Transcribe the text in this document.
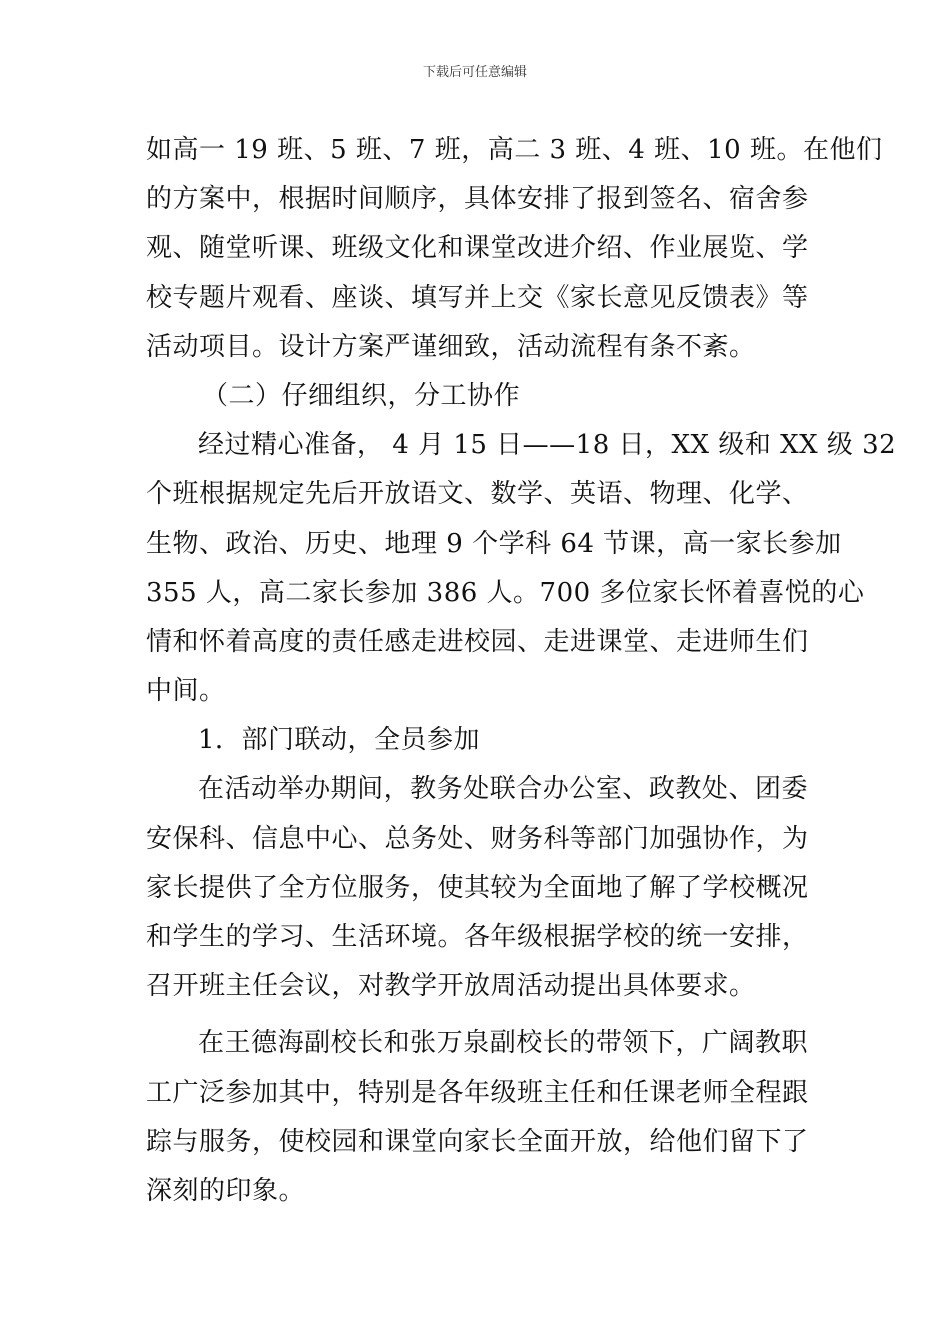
下载后可任意编辑
如高一 19 班、5 班、7 班，高二 3 班、4 班、10 班。在他们
的方案中，根据时间顺序，具体安排了报到签名、宿舍参
观、随堂听课、班级文化和课堂改进介绍、作业展览、学
校专题片观看、座谈、填写并上交《家长意见反馈表》等
活动项目。设计方案严谨细致，活动流程有条不紊。
（二）仔细组织，分工协作
经过精心准备， 4 月 15 日——18 日，XX 级和 XX 级 32
个班根据规定先后开放语文、数学、英语、物理、化学、
生物、政治、历史、地理 9 个学科 64 节课，高一家长参加
355 人，高二家长参加 386 人。700 多位家长怀着喜悦的心
情和怀着高度的责任感走进校园、走进课堂、走进师生们
中间。
1．部门联动，全员参加
在活动举办期间，教务处联合办公室、政教处、团委
安保科、信息中心、总务处、财务科等部门加强协作，为
家长提供了全方位服务，使其较为全面地了解了学校概况
和学生的学习、生活环境。各年级根据学校的统一安排，
召开班主任会议，对教学开放周活动提出具体要求。
在王德海副校长和张万泉副校长的带领下，广阔教职
工广泛参加其中，特别是各年级班主任和任课老师全程跟
踪与服务，使校园和课堂向家长全面开放，给他们留下了
深刻的印象。
